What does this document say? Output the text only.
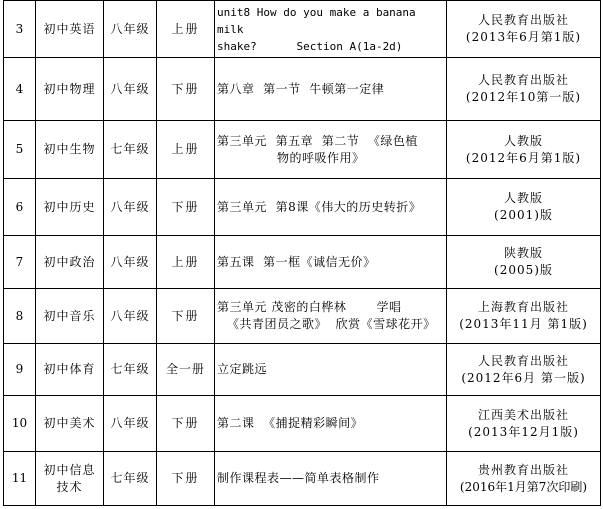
3	初中英语	八年级	上册	unit8 How do you make a banana milk
shake?      Section A(1a-2d)	人民教育出版社
(2013年6月第1版)

4	初中物理	八年级	下册	第八章  第一节  牛顿第一定律	人民教育出版社
(2012年10第一版)

5	初中生物	七年级	上册	第三单元  第五章  第二节  《绿色植
物的呼吸作用》	人教版
(2012年6月第1版)

6	初中历史	八年级	下册	第三单元  第8课《伟大的历史转折》	人教版
(2001)版

7	初中政治	八年级	上册	第五课  第一框《诚信无价》	陕教版
(2005)版

8	初中音乐	八年级	下册	第三单元 茂密的白桦林       学唱
《共青团员之歌》  欣赏《雪球花开》	上海教育出版社
(2013年11月 第1版)

9	初中体育	七年级	全一册	立定跳远	人民教育出版社
(2012年6月 第一版)

10	初中美术	八年级	下册	第二课  《捕捉精彩瞬间》	江西美术出版社
(2013年12月1版)

11	初中信息
技术	七年级	下册	制作课程表——简单表格制作	贵州教育出版社
(2016年1月第7次印刷)
